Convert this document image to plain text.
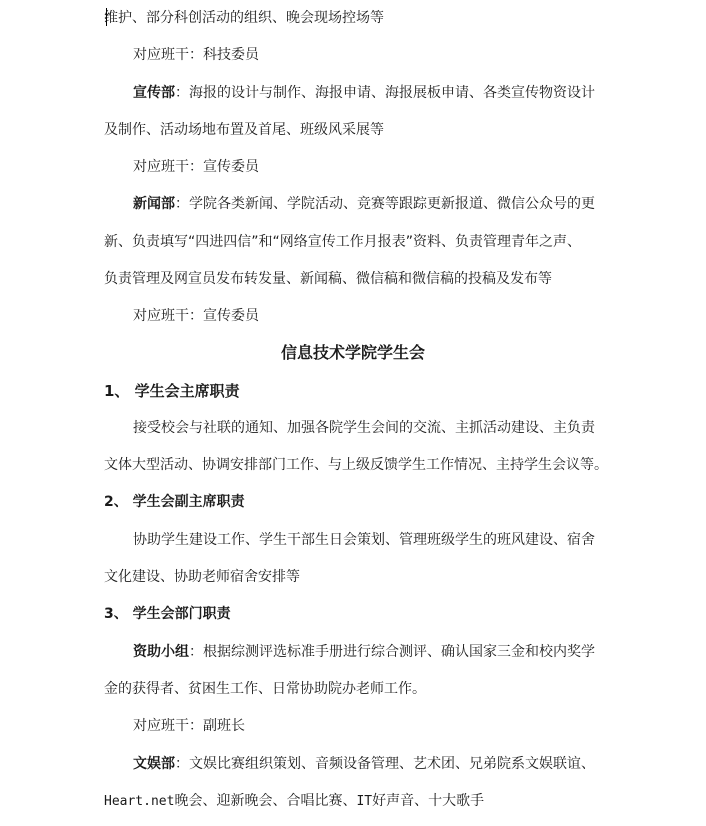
维护、部分科创活动的组织、晚会现场控场等
对应班干：科技委员
宣传部：海报的设计与制作、海报申请、海报展板申请、各类宣传物资设计
及制作、活动场地布置及首尾、班级风采展等
对应班干：宣传委员
新闻部：学院各类新闻、学院活动、竞赛等跟踪更新报道、微信公众号的更
新、负责填写“四进四信”和“网络宣传工作月报表”资料、负责管理青年之声、
负责管理及网宣员发布转发量、新闻稿、微信稿和微信稿的投稿及发布等
对应班干：宣传委员
信息技术学院学生会
1、 学生会主席职责
接受校会与社联的通知、加强各院学生会间的交流、主抓活动建设、主负责
文体大型活动、协调安排部门工作、与上级反馈学生工作情况、主持学生会议等。
2、 学生会副主席职责
协助学生建设工作、学生干部生日会策划、管理班级学生的班风建设、宿舍
文化建设、协助老师宿舍安排等
3、 学生会部门职责
资助小组：根据综测评选标准手册进行综合测评、确认国家三金和校内奖学
金的获得者、贫困生工作、日常协助院办老师工作。
对应班干：副班长
文娱部：文娱比赛组织策划、音频设备管理、艺术团、兄弟院系文娱联谊、
Heart.net晚会、迎新晚会、合唱比赛、IT好声音、十大歌手
